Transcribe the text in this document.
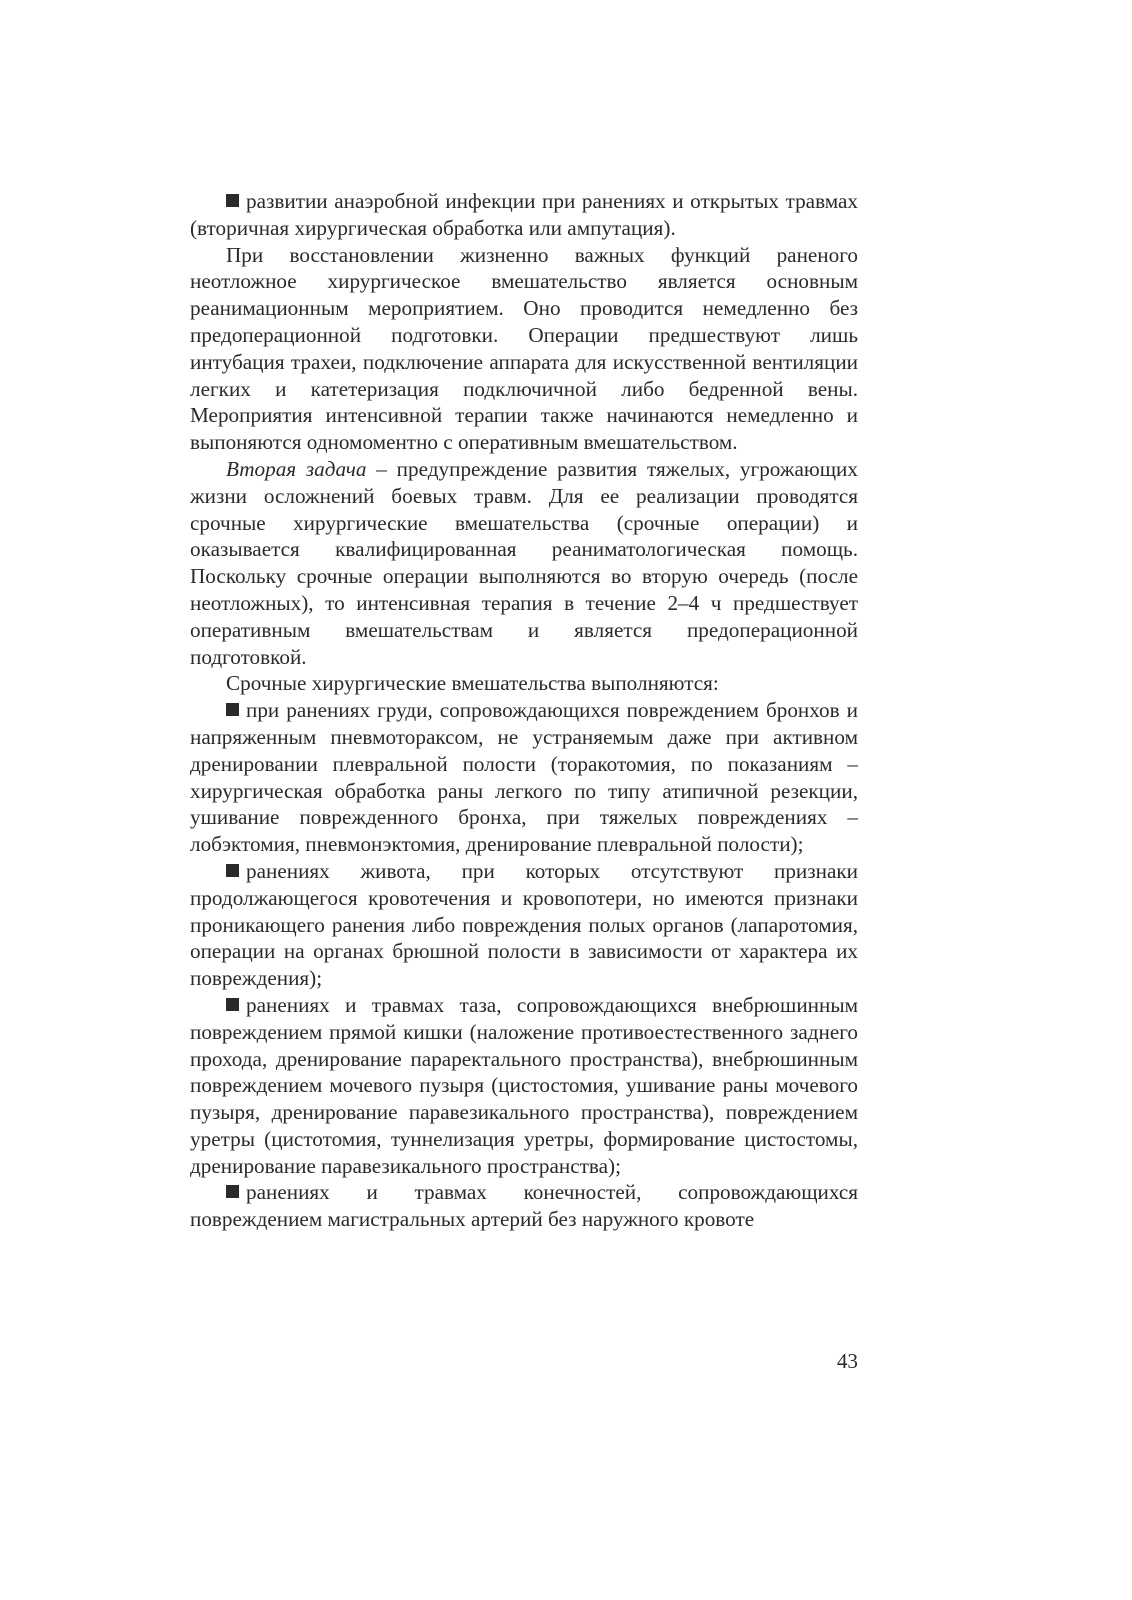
развитии анаэробной инфекции при ранениях и открытых травмах (вторичная хирургическая обработка или ампутация).

При восстановлении жизненно важных функций раненого неотложное хирургическое вмешательство является основным реанимационным мероприятием. Оно проводится немедленно без предоперационной подготовки. Операции предшествуют лишь интубация трахеи, подключение аппарата для искусственной вентиляции легких и катетеризация подключичной либо бедренной вены. Мероприятия интенсивной терапии также начинаются немедленно и выпоняются одномоментно с оперативным вмешательством.

Вторая задача – предупреждение развития тяжелых, угрожающих жизни осложнений боевых травм. Для ее реализации проводятся срочные хирургические вмешательства (срочные операции) и оказывается квалифицированная реаниматологическая помощь. Поскольку срочные операции выполняются во вторую очередь (после неотложных), то интенсивная терапия в течение 2–4 ч предшествует оперативным вмешательствам и является предоперационной подготовкой.

Срочные хирургические вмешательства выполняются:

при ранениях груди, сопровождающихся повреждением бронхов и напряженным пневмотораксом, не устраняемым даже при активном дренировании плевральной полости (торакотомия, по показаниям – хирургическая обработка раны легкого по типу атипичной резекции, ушивание поврежденного бронха, при тяжелых повреждениях – лобэктомия, пневмонэктомия, дренирование плевральной полости);

ранениях живота, при которых отсутствуют признаки продолжающегося кровотечения и кровопотери, но имеются признаки проникающего ранения либо повреждения полых органов (лапаротомия, операции на органах брюшной полости в зависимости от характера их повреждения);

ранениях и травмах таза, сопровождающихся внебрюшинным повреждением прямой кишки (наложение противоестественного заднего прохода, дренирование параректального пространства), внебрюшинным повреждением мочевого пузыря (цистостомия, ушивание раны мочевого пузыря, дренирование паравезикального пространства), повреждением уретры (цистотомия, туннелизация уретры, формирование цистостомы, дренирование паравезикального пространства);

ранениях и травмах конечностей, сопровождающихся повреждением магистральных артерий без наружного кровоте

43
